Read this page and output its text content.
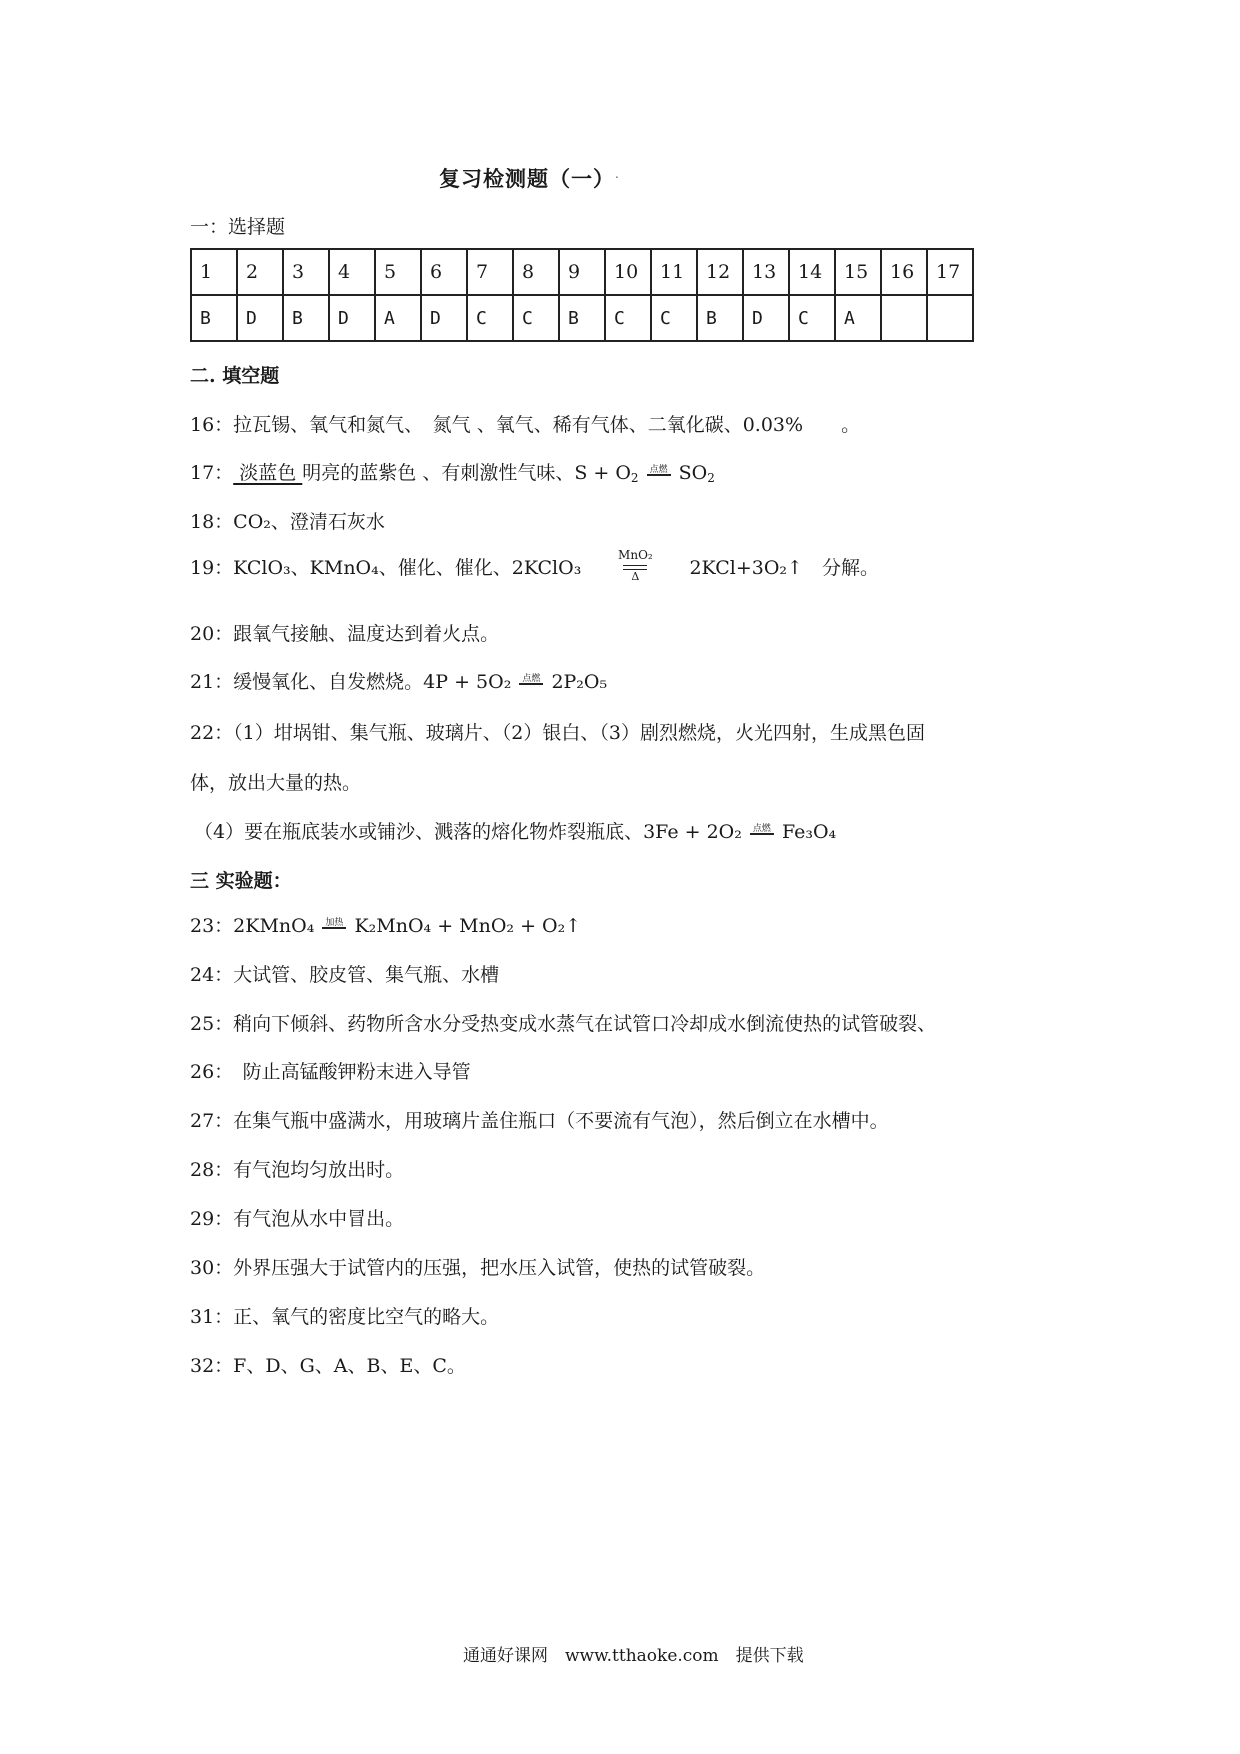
复习检测题（一） .
一：选择题
1	2	3	4	5	6	7	8	9	10	11	12	13	14	15	16	17
B	D	B	D	A	D	C	C	B	C	C	B	D	C	A		
二. 填空题
16：拉瓦锡、氧气和氮气、　氮气 、氧气、稀有气体、二氧化碳、0.03%　　。
17： 淡蓝色 明亮的蓝紫色 、有刺激性气味、$S + O_2$
点燃 $SO_2$
18：CO₂、澄清石灰水
19：KClO₃、KMnO₄、催化、催化、2KClO₃
MnO₂
Δ	2KCl+3O₂↑　分解。
20：跟氧气接触、温度达到着火点。
21：缓慢氧化、自发燃烧。4P + 5O₂	点燃 2P₂O₅
22：（1）坩埚钳、集气瓶、玻璃片、（2）银白、（3）剧烈燃烧，火光四射，生成黑色固
体，放出大量的热。
（4）要在瓶底装水或铺沙、溅落的熔化物炸裂瓶底、3Fe + 2O₂	点燃 Fe₃O₄
三 实验题：
23：2KMnO₄	加热 K₂MnO₄ + MnO₂ + O₂↑
24：大试管、胶皮管、集气瓶、水槽
25：稍向下倾斜、药物所含水分受热变成水蒸气在试管口冷却成水倒流使热的试管破裂、
26：　防止高锰酸钾粉末进入导管
27：在集气瓶中盛满水，用玻璃片盖住瓶口（不要流有气泡），然后倒立在水槽中。
28：有气泡均匀放出时。
29：有气泡从水中冒出。
30：外界压强大于试管内的压强，把水压入试管，使热的试管破裂。
31：正、氧气的密度比空气的略大。
32：F、D、G、A、B、E、C。
通通好课网　www.tthaoke.com　提供下载
